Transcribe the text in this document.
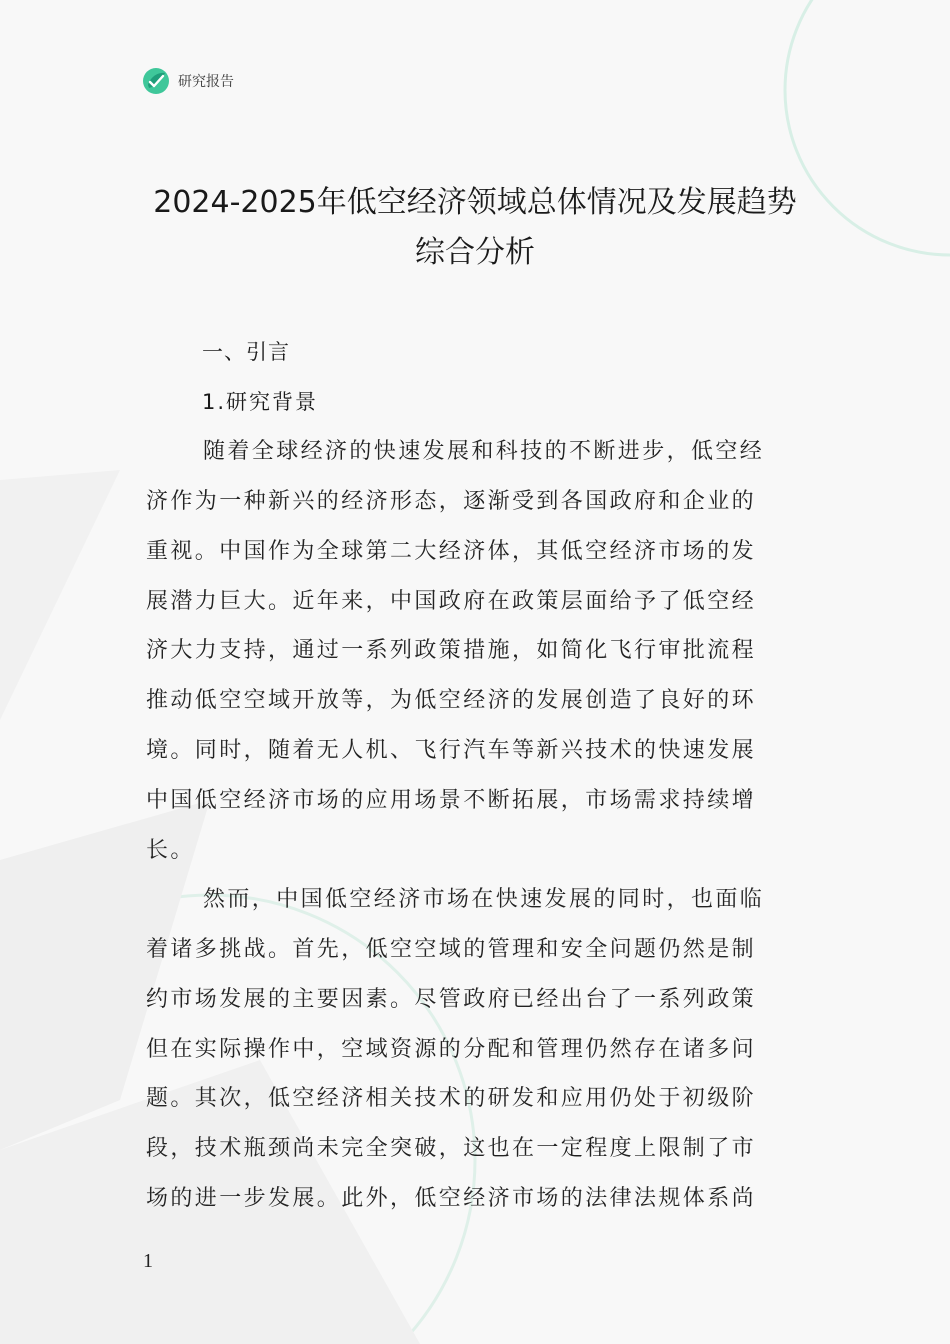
研究报告
2024-2025年低空经济领域总体情况及发展趋势
综合分析
一、引言
1.研究背景
随着全球经济的快速发展和科技的不断进步，低空经
济作为一种新兴的经济形态，逐渐受到各国政府和企业的
重视。中国作为全球第二大经济体，其低空经济市场的发
展潜力巨大。近年来，中国政府在政策层面给予了低空经
济大力支持，通过一系列政策措施，如简化飞行审批流程
推动低空空域开放等，为低空经济的发展创造了良好的环
境。同时，随着无人机、飞行汽车等新兴技术的快速发展
中国低空经济市场的应用场景不断拓展，市场需求持续增
长。
然而，中国低空经济市场在快速发展的同时，也面临
着诸多挑战。首先，低空空域的管理和安全问题仍然是制
约市场发展的主要因素。尽管政府已经出台了一系列政策
但在实际操作中，空域资源的分配和管理仍然存在诸多问
题。其次，低空经济相关技术的研发和应用仍处于初级阶
段，技术瓶颈尚未完全突破，这也在一定程度上限制了市
场的进一步发展。此外，低空经济市场的法律法规体系尚
1
